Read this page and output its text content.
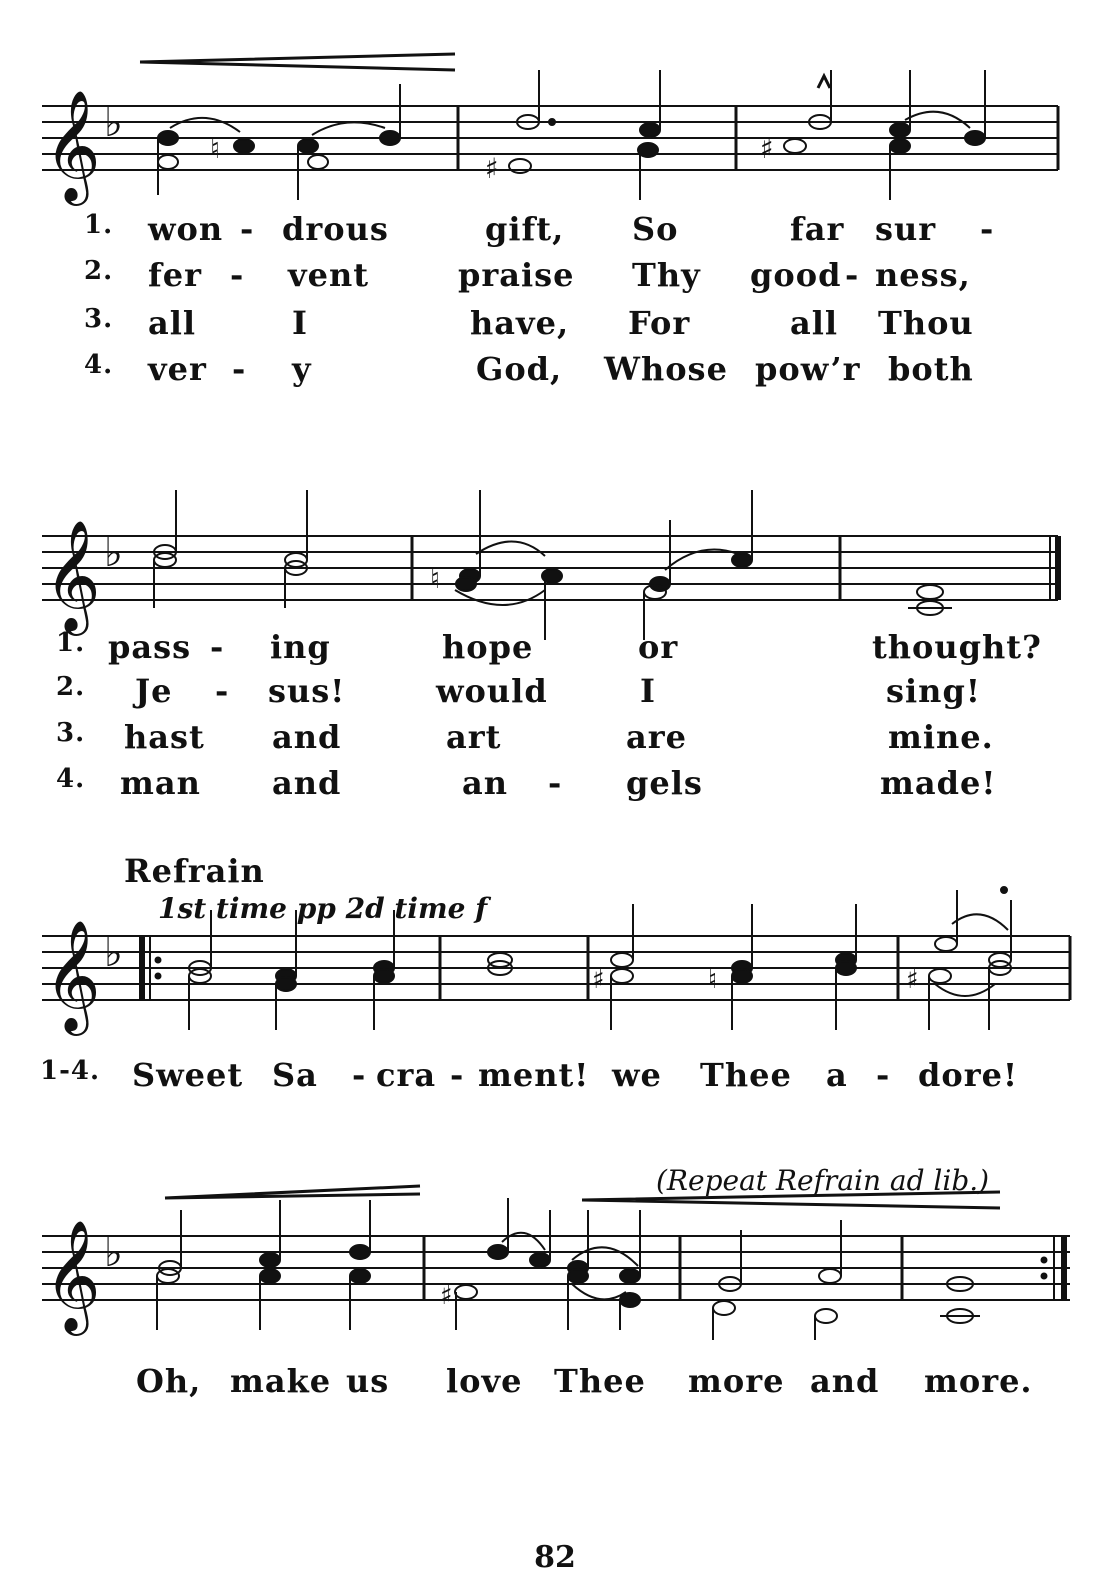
𝄞 ♭
♮
♯
♯
1. won - drous	gift, So	far sur -
2. fer - vent	praise Thy good - ness,
3. all	I	have, For	all Thou
4. ver - y	God, Whose pow’r both
𝄞 ♭
♮
1. pass - ing	hope	or	thought?
2. Je - sus!	would	I	sing!
3. hast and	art	are	mine.
4. man and	an - gels	made!
Refrain
1st time pp 2d time f
𝄞 ♭
♯	♮	♯
1-4. Sweet Sa - cra - ment! we Thee a - dore!
(Repeat Refrain ad lib.)
𝄞 ♭
♯
Oh, make us love Thee more and more.
82
